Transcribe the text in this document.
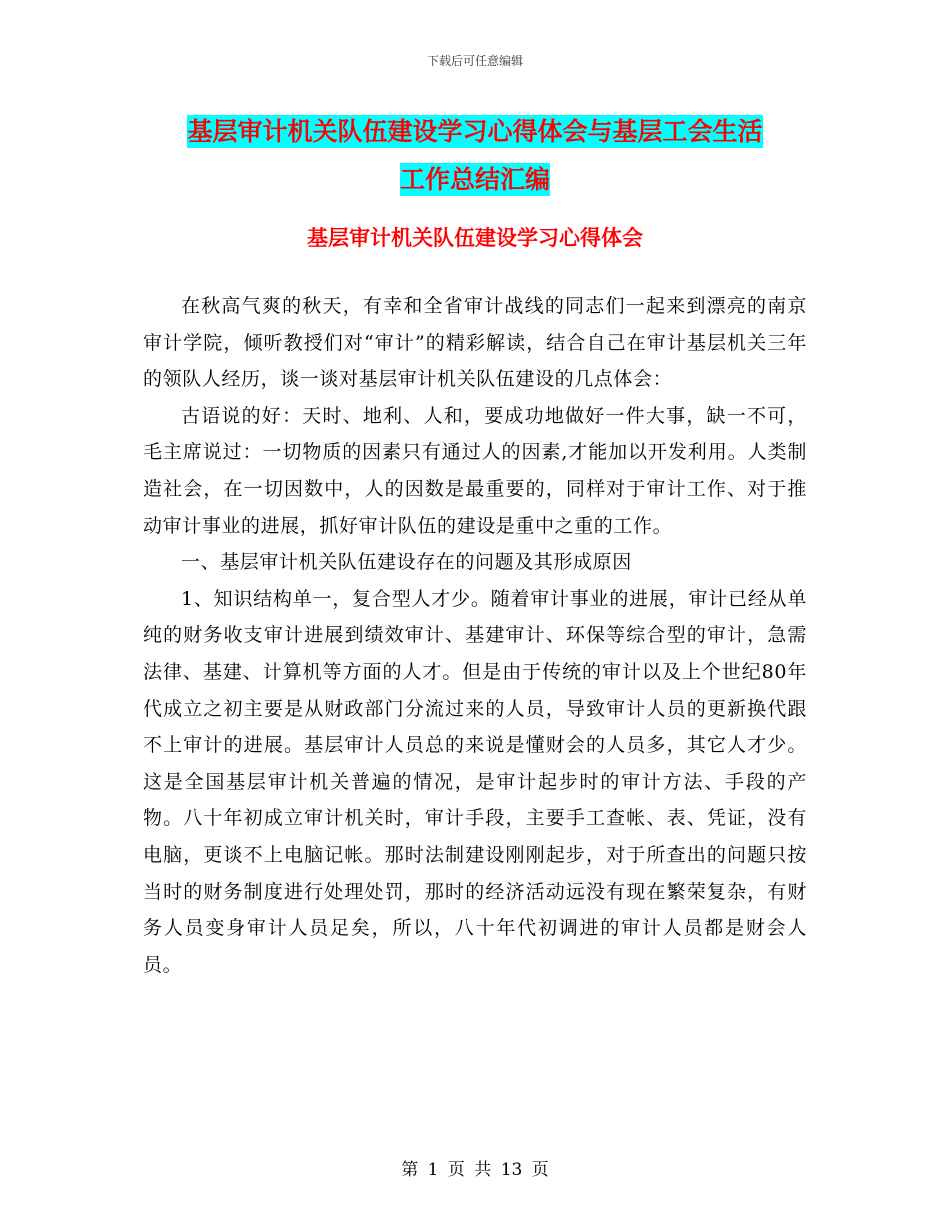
下载后可任意编辑
基层审计机关队伍建设学习心得体会与基层工会生活
工作总结汇编
基层审计机关队伍建设学习心得体会

在秋高气爽的秋天，有幸和全省审计战线的同志们一起来到漂亮的南京审计学院，倾听教授们对“审计”的精彩解读，结合自己在审计基层机关三年的领队人经历，谈一谈对基层审计机关队伍建设的几点体会：

古语说的好：天时、地利、人和，要成功地做好一件大事，缺一不可，毛主席说过：一切物质的因素只有通过人的因素,才能加以开发利用。人类制造社会，在一切因数中，人的因数是最重要的，同样对于审计工作、对于推动审计事业的进展，抓好审计队伍的建设是重中之重的工作。

一、基层审计机关队伍建设存在的问题及其形成原因

1、知识结构单一，复合型人才少。随着审计事业的进展，审计已经从单纯的财务收支审计进展到绩效审计、基建审计、环保等综合型的审计，急需法律、基建、计算机等方面的人才。但是由于传统的审计以及上个世纪80年代成立之初主要是从财政部门分流过来的人员，导致审计人员的更新换代跟不上审计的进展。基层审计人员总的来说是懂财会的人员多，其它人才少。这是全国基层审计机关普遍的情况，是审计起步时的审计方法、手段的产物。八十年初成立审计机关时，审计手段，主要手工查帐、表、凭证，没有电脑，更谈不上电脑记帐。那时法制建设刚刚起步，对于所查出的问题只按当时的财务制度进行处理处罚，那时的经济活动远没有现在繁荣复杂，有财务人员变身审计人员足矣，所以，八十年代初调进的审计人员都是财会人员。

第 1 页 共 13 页
